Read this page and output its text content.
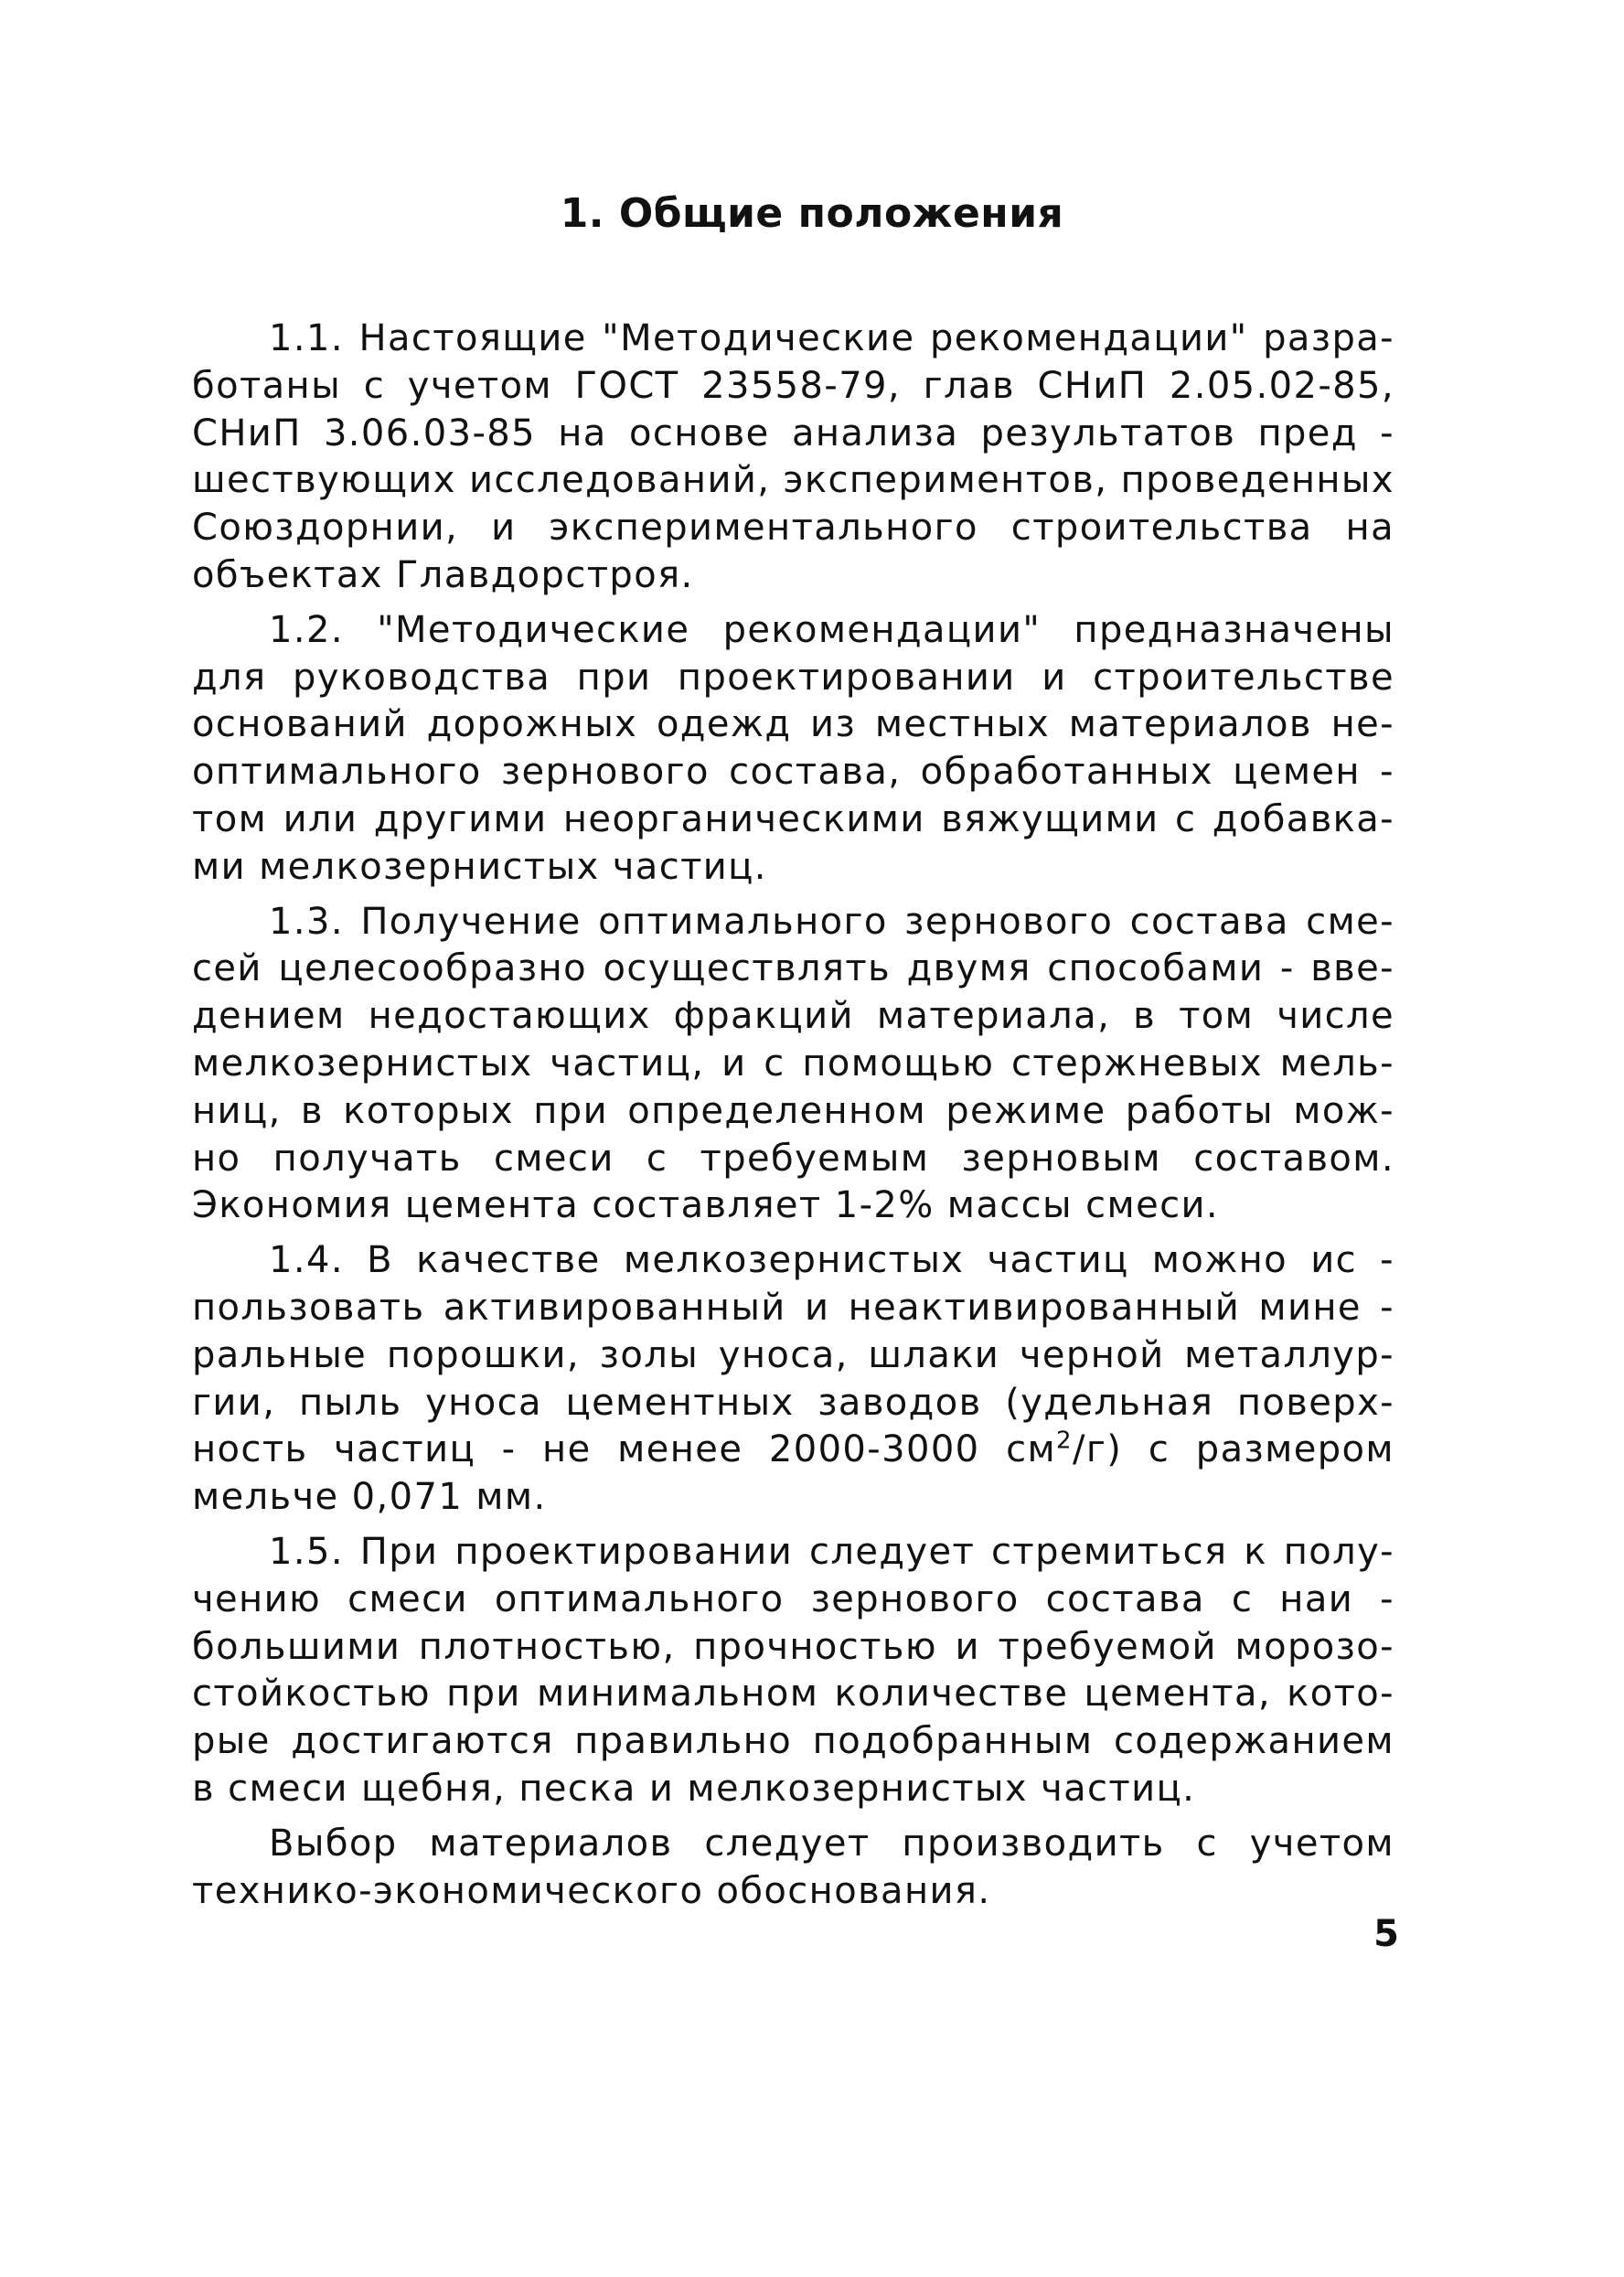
1. Общие положения
1.1. Настоящие "Методические рекомендации" разра-
ботаны с учетом ГОСТ 23558-79, глав СНиП 2.05.02-85,
СНиП 3.06.03-85 на основе анализа результатов пред -
шествующих исследований, экспериментов, проведенных
Союздорнии, и экспериментального строительства на
объектах Главдорстроя.
1.2. "Методические рекомендации" предназначены
для руководства при проектировании и строительстве
оснований дорожных одежд из местных материалов не-
оптимального зернового состава, обработанных цемен -
том или другими неорганическими вяжущими с добавка-
ми мелкозернистых частиц.
1.3. Получение оптимального зернового состава сме-
сей целесообразно осуществлять двумя способами - вве-
дением недостающих фракций материала, в том числе
мелкозернистых частиц, и с помощью стержневых мель-
ниц, в которых при определенном режиме работы мож-
но получать смеси с требуемым зерновым составом.
Экономия цемента составляет 1-2% массы смеси.
1.4. В качестве мелкозернистых частиц можно ис -
пользовать активированный и неактивированный мине -
ральные порошки, золы уноса, шлаки черной металлур-
гии, пыль уноса цементных заводов (удельная поверх-
ность частиц - не менее 2000-3000 $см^2/г$) с размером
мельче 0,071 мм.
1.5. При проектировании следует стремиться к полу-
чению смеси оптимального зернового состава с наи -
большими плотностью, прочностью и требуемой морозо-
стойкостью при минимальном количестве цемента, кото-
рые достигаются правильно подобранным содержанием
в смеси щебня, песка и мелкозернистых частиц.
Выбор материалов следует производить с учетом
технико-экономического обоснования.
5
